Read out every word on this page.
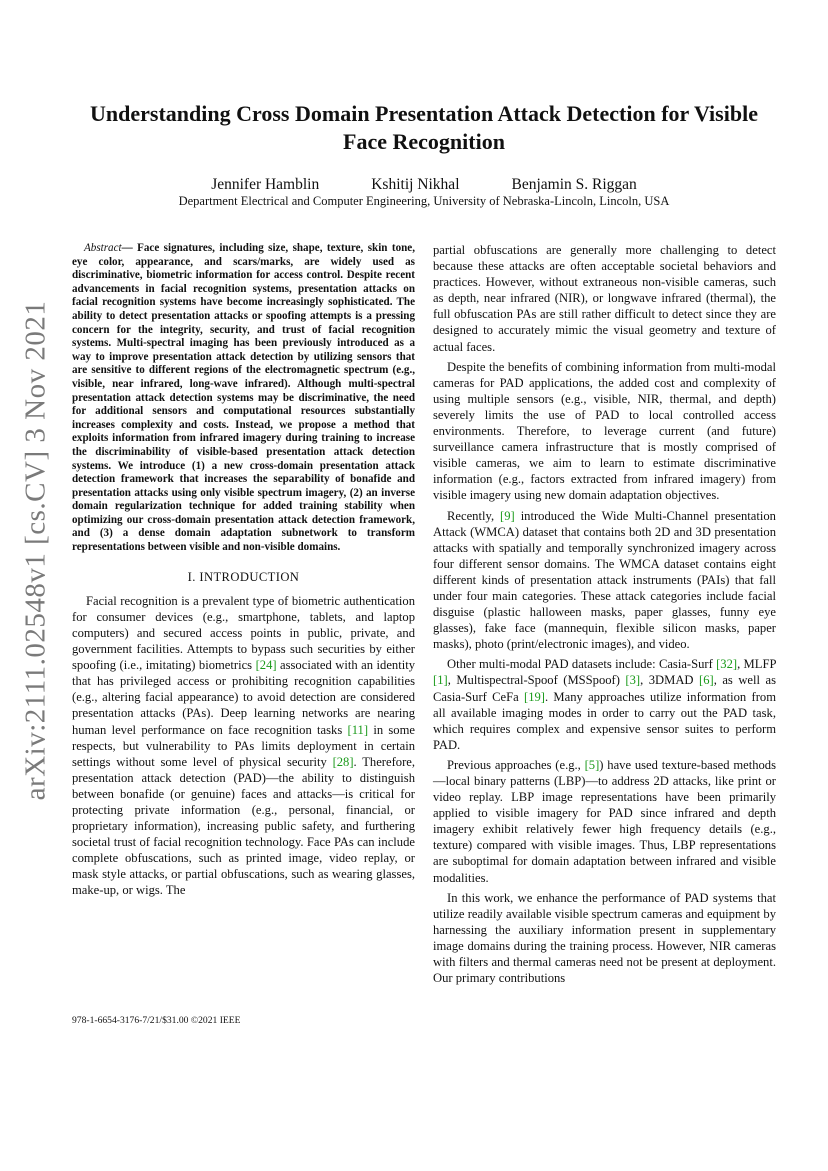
arXiv:2111.02548v1 [cs.CV] 3 Nov 2021
Understanding Cross Domain Presentation Attack Detection for Visible Face Recognition
Jennifer Hamblin	Kshitij Nikhal	Benjamin S. Riggan
Department Electrical and Computer Engineering, University of Nebraska-Lincoln, Lincoln, USA

Abstract— Face signatures, including size, shape, texture, skin tone, eye color, appearance, and scars/marks, are widely used as discriminative, biometric information for access control. Despite recent advancements in facial recognition systems, presentation attacks on facial recognition systems have become increasingly sophisticated. The ability to detect presentation attacks or spoofing attempts is a pressing concern for the integrity, security, and trust of facial recognition systems. Multi-spectral imaging has been previously introduced as a way to improve presentation attack detection by utilizing sensors that are sensitive to different regions of the electromagnetic spectrum (e.g., visible, near infrared, long-wave infrared). Although multi-spectral presentation attack detection systems may be discriminative, the need for additional sensors and computational resources substantially increases complexity and costs. Instead, we propose a method that exploits information from infrared imagery during training to increase the discriminability of visible-based presentation attack detection systems. We introduce (1) a new cross-domain presentation attack detection framework that increases the separability of bonafide and presentation attacks using only visible spectrum imagery, (2) an inverse domain regularization technique for added training stability when optimizing our cross-domain presentation attack detection framework, and (3) a dense domain adaptation subnetwork to transform representations between visible and non-visible domains.

I. INTRODUCTION

Facial recognition is a prevalent type of biometric authentication for consumer devices (e.g., smartphone, tablets, and laptop computers) and secured access points in public, private, and government facilities. Attempts to bypass such securities by either spoofing (i.e., imitating) biometrics [24] associated with an identity that has privileged access or prohibiting recognition capabilities (e.g., altering facial appearance) to avoid detection are considered presentation attacks (PAs). Deep learning networks are nearing human level performance on face recognition tasks [11] in some respects, but vulnerability to PAs limits deployment in certain settings without some level of physical security [28]. Therefore, presentation attack detection (PAD)—the ability to distinguish between bonafide (or genuine) faces and attacks—is critical for protecting private information (e.g., personal, financial, or proprietary information), increasing public safety, and furthering societal trust of facial recognition technology. Face PAs can include complete obfuscations, such as printed image, video replay, or mask style attacks, or partial obfuscations, such as wearing glasses, make-up, or wigs. The

partial obfuscations are generally more challenging to detect because these attacks are often acceptable societal behaviors and practices. However, without extraneous non-visible cameras, such as depth, near infrared (NIR), or longwave infrared (thermal), the full obfuscation PAs are still rather difficult to detect since they are designed to accurately mimic the visual geometry and texture of actual faces.

Despite the benefits of combining information from multi-modal cameras for PAD applications, the added cost and complexity of using multiple sensors (e.g., visible, NIR, thermal, and depth) severely limits the use of PAD to local controlled access environments. Therefore, to leverage current (and future) surveillance camera infrastructure that is mostly comprised of visible cameras, we aim to learn to estimate discriminative information (e.g., factors extracted from infrared imagery) from visible imagery using new domain adaptation objectives.

Recently, [9] introduced the Wide Multi-Channel presentation Attack (WMCA) dataset that contains both 2D and 3D presentation attacks with spatially and temporally synchronized imagery across four different sensor domains. The WMCA dataset contains eight different kinds of presentation attack instruments (PAIs) that fall under four main categories. These attack categories include facial disguise (plastic halloween masks, paper glasses, funny eye glasses), fake face (mannequin, flexible silicon masks, paper masks), photo (print/electronic images), and video.

Other multi-modal PAD datasets include: Casia-Surf [32], MLFP [1], Multispectral-Spoof (MSSpoof) [3], 3DMAD [6], as well as Casia-Surf CeFa [19]. Many approaches utilize information from all available imaging modes in order to carry out the PAD task, which requires complex and expensive sensor suites to perform PAD.

Previous approaches (e.g., [5]) have used texture-based methods—local binary patterns (LBP)—to address 2D attacks, like print or video replay. LBP image representations have been primarily applied to visible imagery for PAD since infrared and depth imagery exhibit relatively fewer high frequency details (e.g., texture) compared with visible images. Thus, LBP representations are suboptimal for domain adaptation between infrared and visible modalities.

In this work, we enhance the performance of PAD systems that utilize readily available visible spectrum cameras and equipment by harnessing the auxiliary information present in supplementary image domains during the training process. However, NIR cameras with filters and thermal cameras need not be present at deployment. Our primary contributions

978-1-6654-3176-7/21/$31.00 ©2021 IEEE
